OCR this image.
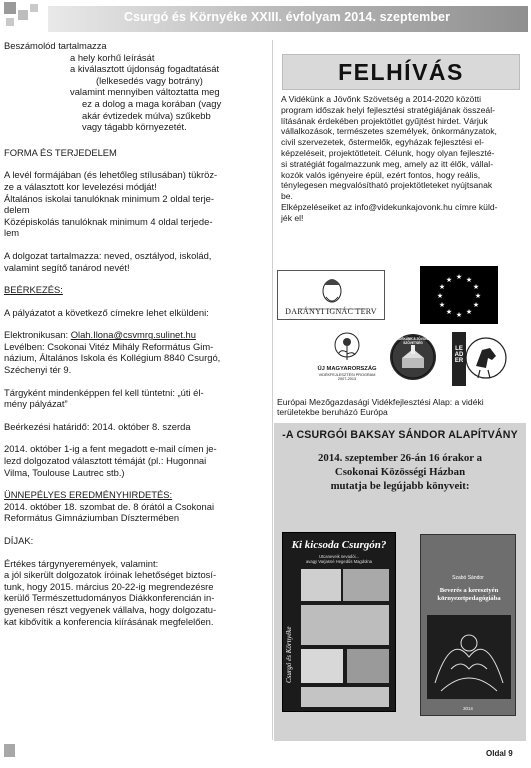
Csurgó és Környéke XXIII. évfolyam 2014. szeptember

Beszámolód tartalmazza

a hely korhű leírását

a kiválasztott újdonság fogadtatását

(lelkesedés vagy botrány)

valamint mennyiben változtatta meg

ez a dolog a maga korában (vagy

akár évtizedek múlva) szűkebb

vagy tágabb környezetét.

FORMA ÉS TERJEDELEM

A levél formájában (és lehetőleg stílusában) tükröz-

ze a választott kor levelezési módját!

Általános iskolai tanulóknak minimum 2 oldal terje-

delem

Középiskolás tanulóknak minimum 4 oldal terjede-

lem

A dolgozat tartalmazza: neved, osztályod, iskolád,

valamint segítő tanárod nevét!

BEÉRKEZÉS:

A pályázatot a következő címekre lehet elküldeni:

Elektronikusan: Olah.Ilona@csvmrg.sulinet.hu

Levélben: Csokonai Vitéz Mihály Református Gim-

názium, Általános Iskola és Kollégium 8840 Csurgó,

Széchenyi tér 9.

Tárgyként mindenképpen fel kell tüntetni: „úti él-

mény pályázat”

Beérkezési határidő: 2014. október 8. szerda

2014. október 1-ig a fent megadott e-mail címen je-

lezd dolgozatod választott témáját (pl.: Hugonnai

Vilma, Toulouse Lautrec stb.)

ÜNNEPÉLYES EREDMÉNYHIRDETÉS:

2014. október 18. szombat de. 8 órától a Csokonai

Református Gimnáziumban Dísztermében

DÍJAK:

Értékes tárgynyeremények, valamint:

a jól sikerült dolgozatok íróinak lehetőséget biztosí-

tunk, hogy 2015. március 20-22-ig megrendezésre

kerülő Természettudományos Diákkonferencián in-

gyenesen részt vegyenek vállalva, hogy dolgozatu-

kat kibővítik a konferencia kiírásának megfelelően.

FELHÍVÁS

A Vidékünk a Jövőnk Szövetség a 2014-2020 közötti

program időszak helyi fejlesztési stratégiájának összeál-

lításának érdekében projektötlet gyűjtést hirdet. Várjuk

vállalkozások, természetes személyek, önkormányzatok,

civil szervezetek, őstermelők, egyházak fejlesztési el-

képzeléseit, projektötleteit. Célunk, hogy olyan fejleszté-

si stratégiát fogalmazzunk meg, amely az itt élők, vállal-

kozók valós igényeire épül, ezért fontos, hogy reális,

ténylegesen megvalósítható projektötleteket nyújtsanak

be.

Elképzeléseiket az info@videkunkajovonk.hu címre küld-

jék el!

DARÁNYI IGNÁC TERV
★ ★
★
★
★
★
★
★
★
★
★
★
ÚJ MAGYARORSZÁG
VIDÉKFEJLESZTÉSI PROGRAM
2007-2013
VIDÉKÜNK A JÖVŐNK SZÖVETSÉG
LEADER
Európai Mezőgazdasági Vidékfejlesztési Alap: a vidéki
területekbe beruházó Európa
-A CSURGÓI BAKSAY SÁNDOR ALAPÍTVÁNY
2014. szeptember 26-án 16 órakor a
Csokonai Közösségi Házban
mutatja be legújabb könyveit:
Ki kicsoda Csurgón?
Utcaneveik nevadói...
avagy Varjasné Hegedűs Magdolna
Csurgó és Környéke
Szabó Sándor
Beverés a keresztyén környezetpedagógiába
2014
Oldal 9
